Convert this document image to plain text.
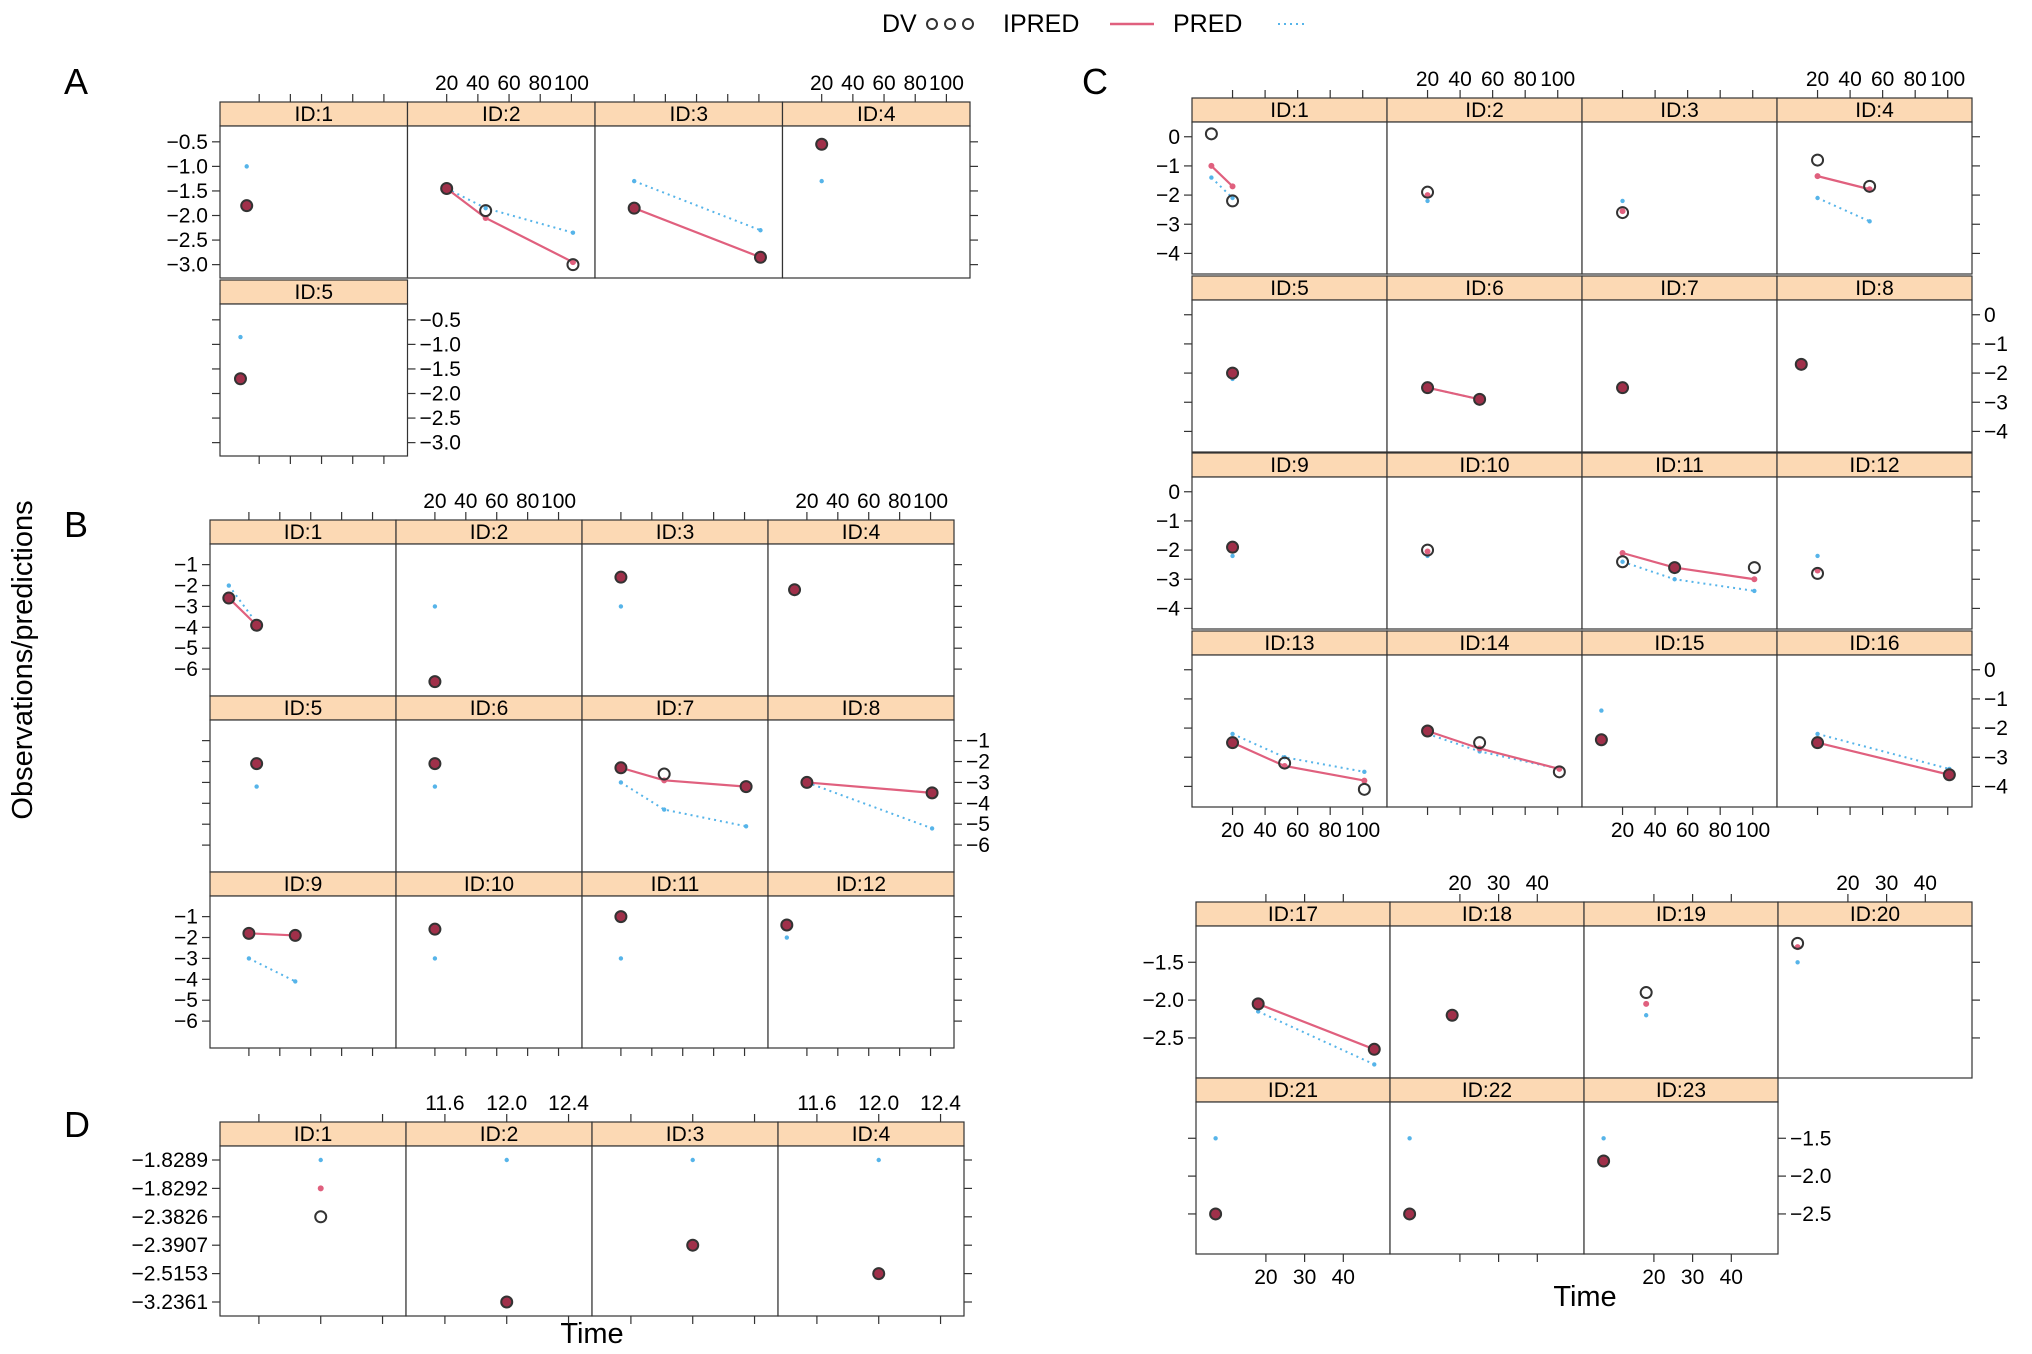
DV	IPRED	PRED
A
B
C
D
Observations/predictions
Time
Time
ID:1
−0.5
−1.0
−1.5
−2.0
−2.5
−3.0
ID:2
20 40 60 80 100
ID:3	ID:4
20 40 60 80 100
ID:5
−0.5
−1.0
−1.5
−2.0
−2.5
−3.0
ID:1
−1
−2
−3
−4
−5
−6
ID:2
20 40 60 80 100
ID:3	ID:4
20 40 60 80 100
ID:5	ID:6	ID:7	ID:8
−1
−2
−3
−4
−5
−6
ID:9
−1
−2
−3
−4
−5
−6
ID:10	ID:11	ID:12
ID:1
0
−1
−2
−3
−4
ID:2
20 40 60 80 100
ID:3	ID:4
20 40 60 80 100
ID:5	ID:6	ID:7	ID:8
0
−1
−2
−3
−4
ID:9
0
−1
−2
−3
−4
ID:10	ID:11	ID:12
ID:13
20 40 60 80 100
ID:14	ID:15
20 40 60 80 100
ID:16
0
−1
−2
−3
−4
ID:17
−1.5
−2.0
−2.5
ID:18
20 30 40
ID:19	ID:20
20 30 40
ID:21
20 30 40
ID:22	ID:23
20 30 40
−1.5
−2.0
−2.5
ID:1
−1.8289
−1.8292
−2.3826
−2.3907
−2.5153
−3.2361
ID:2
11.6 12.0 12.4
ID:3	ID:4
11.6 12.0 12.4
